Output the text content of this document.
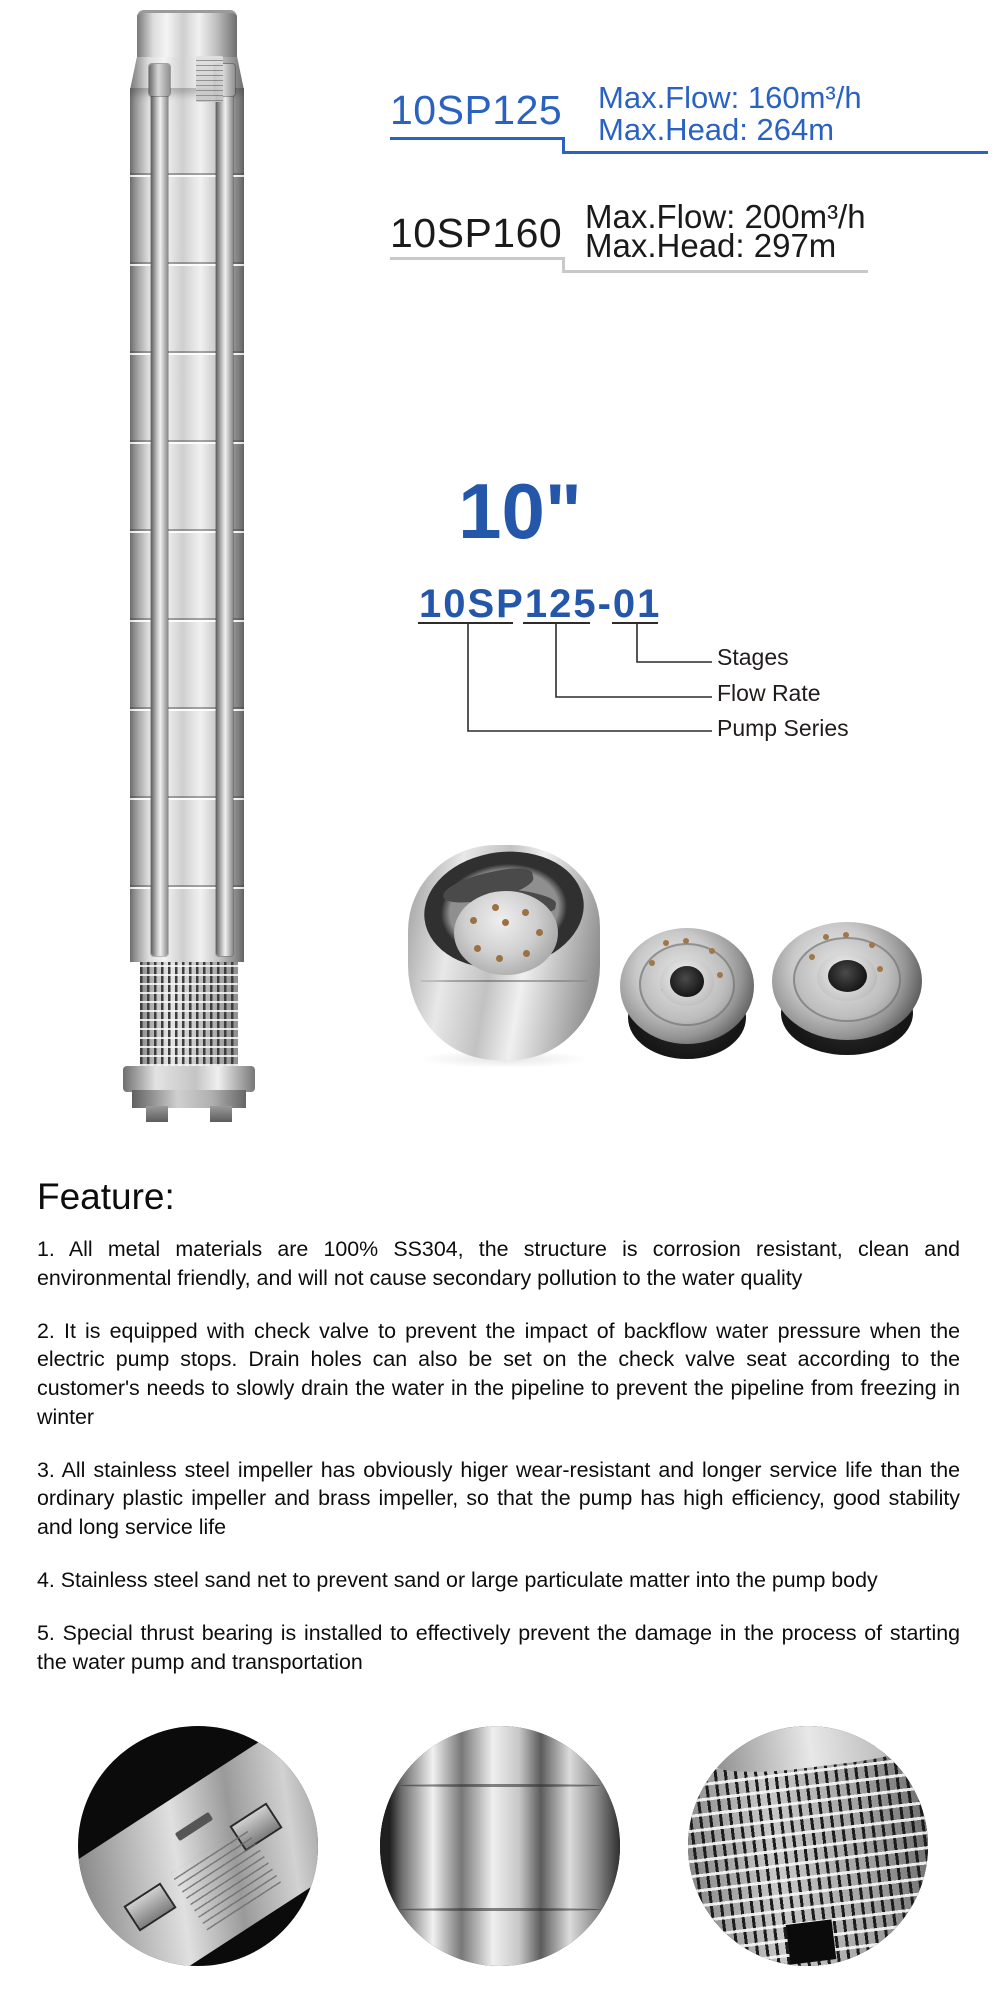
10SP125 Max.Flow: 160m³/h
Max.Head: 264m
10SP160 Max.Flow: 200m³/h
Max.Head: 297m
10"
10SP125-01
Stages
Flow Rate
Pump Series
Feature:

1. All metal materials are 100% SS304, the structure is corrosion resistant, clean and environmental friendly, and will not cause secondary pollution to the water quality

2. It is equipped with check valve to prevent the impact of backflow water pressure when the electric pump stops. Drain holes can also be set on the check valve seat according to the customer's needs to slowly drain the water in the pipeline to prevent the pipeline from freezing in winter

3. All stainless steel impeller has obviously higer wear-resistant and longer service life than the ordinary plastic impeller and brass impeller, so that the pump has high efficiency, good stability and long service life

4. Stainless steel sand net to prevent sand or large particulate matter into the pump body

5. Special thrust bearing is installed to effectively prevent the damage in the process of starting the water pump and transportation
